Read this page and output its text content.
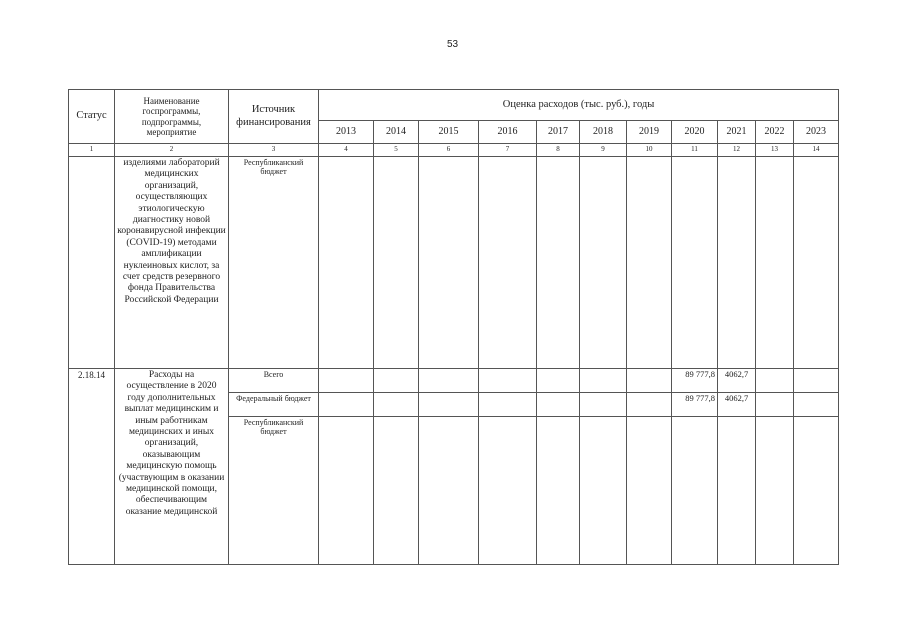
53
Статус	Наименование госпрограммы, подпрограммы, мероприятие	Источник финансирования	Оценка расходов (тыс. руб.), годы										
			2013	2014	2015	2016	2017	2018	2019	2020	2021	2022	2023
1	2	3	4	5	6	7	8	9	10	11	12	13	14
	изделиями лабораторий медицинских организаций, осуществляющих этиологическую диагностику новой коронавирусной инфекции (COVID-19) методами амплификации нуклеиновых кислот, за счет средств резервного фонда Правительства Российской Федерации	Республиканский бюджет											
2.18.14	Расходы на осуществление в 2020 году дополнительных выплат медицинским и иным работникам медицинских и иных организаций, оказывающим медицинскую помощь (участвующим в оказании медицинской помощи, обеспечивающим оказание медицинской	Всего								89 777,8	4062,7		
		Федеральный бюджет								89 777,8	4062,7		
		Республиканский бюджет											
